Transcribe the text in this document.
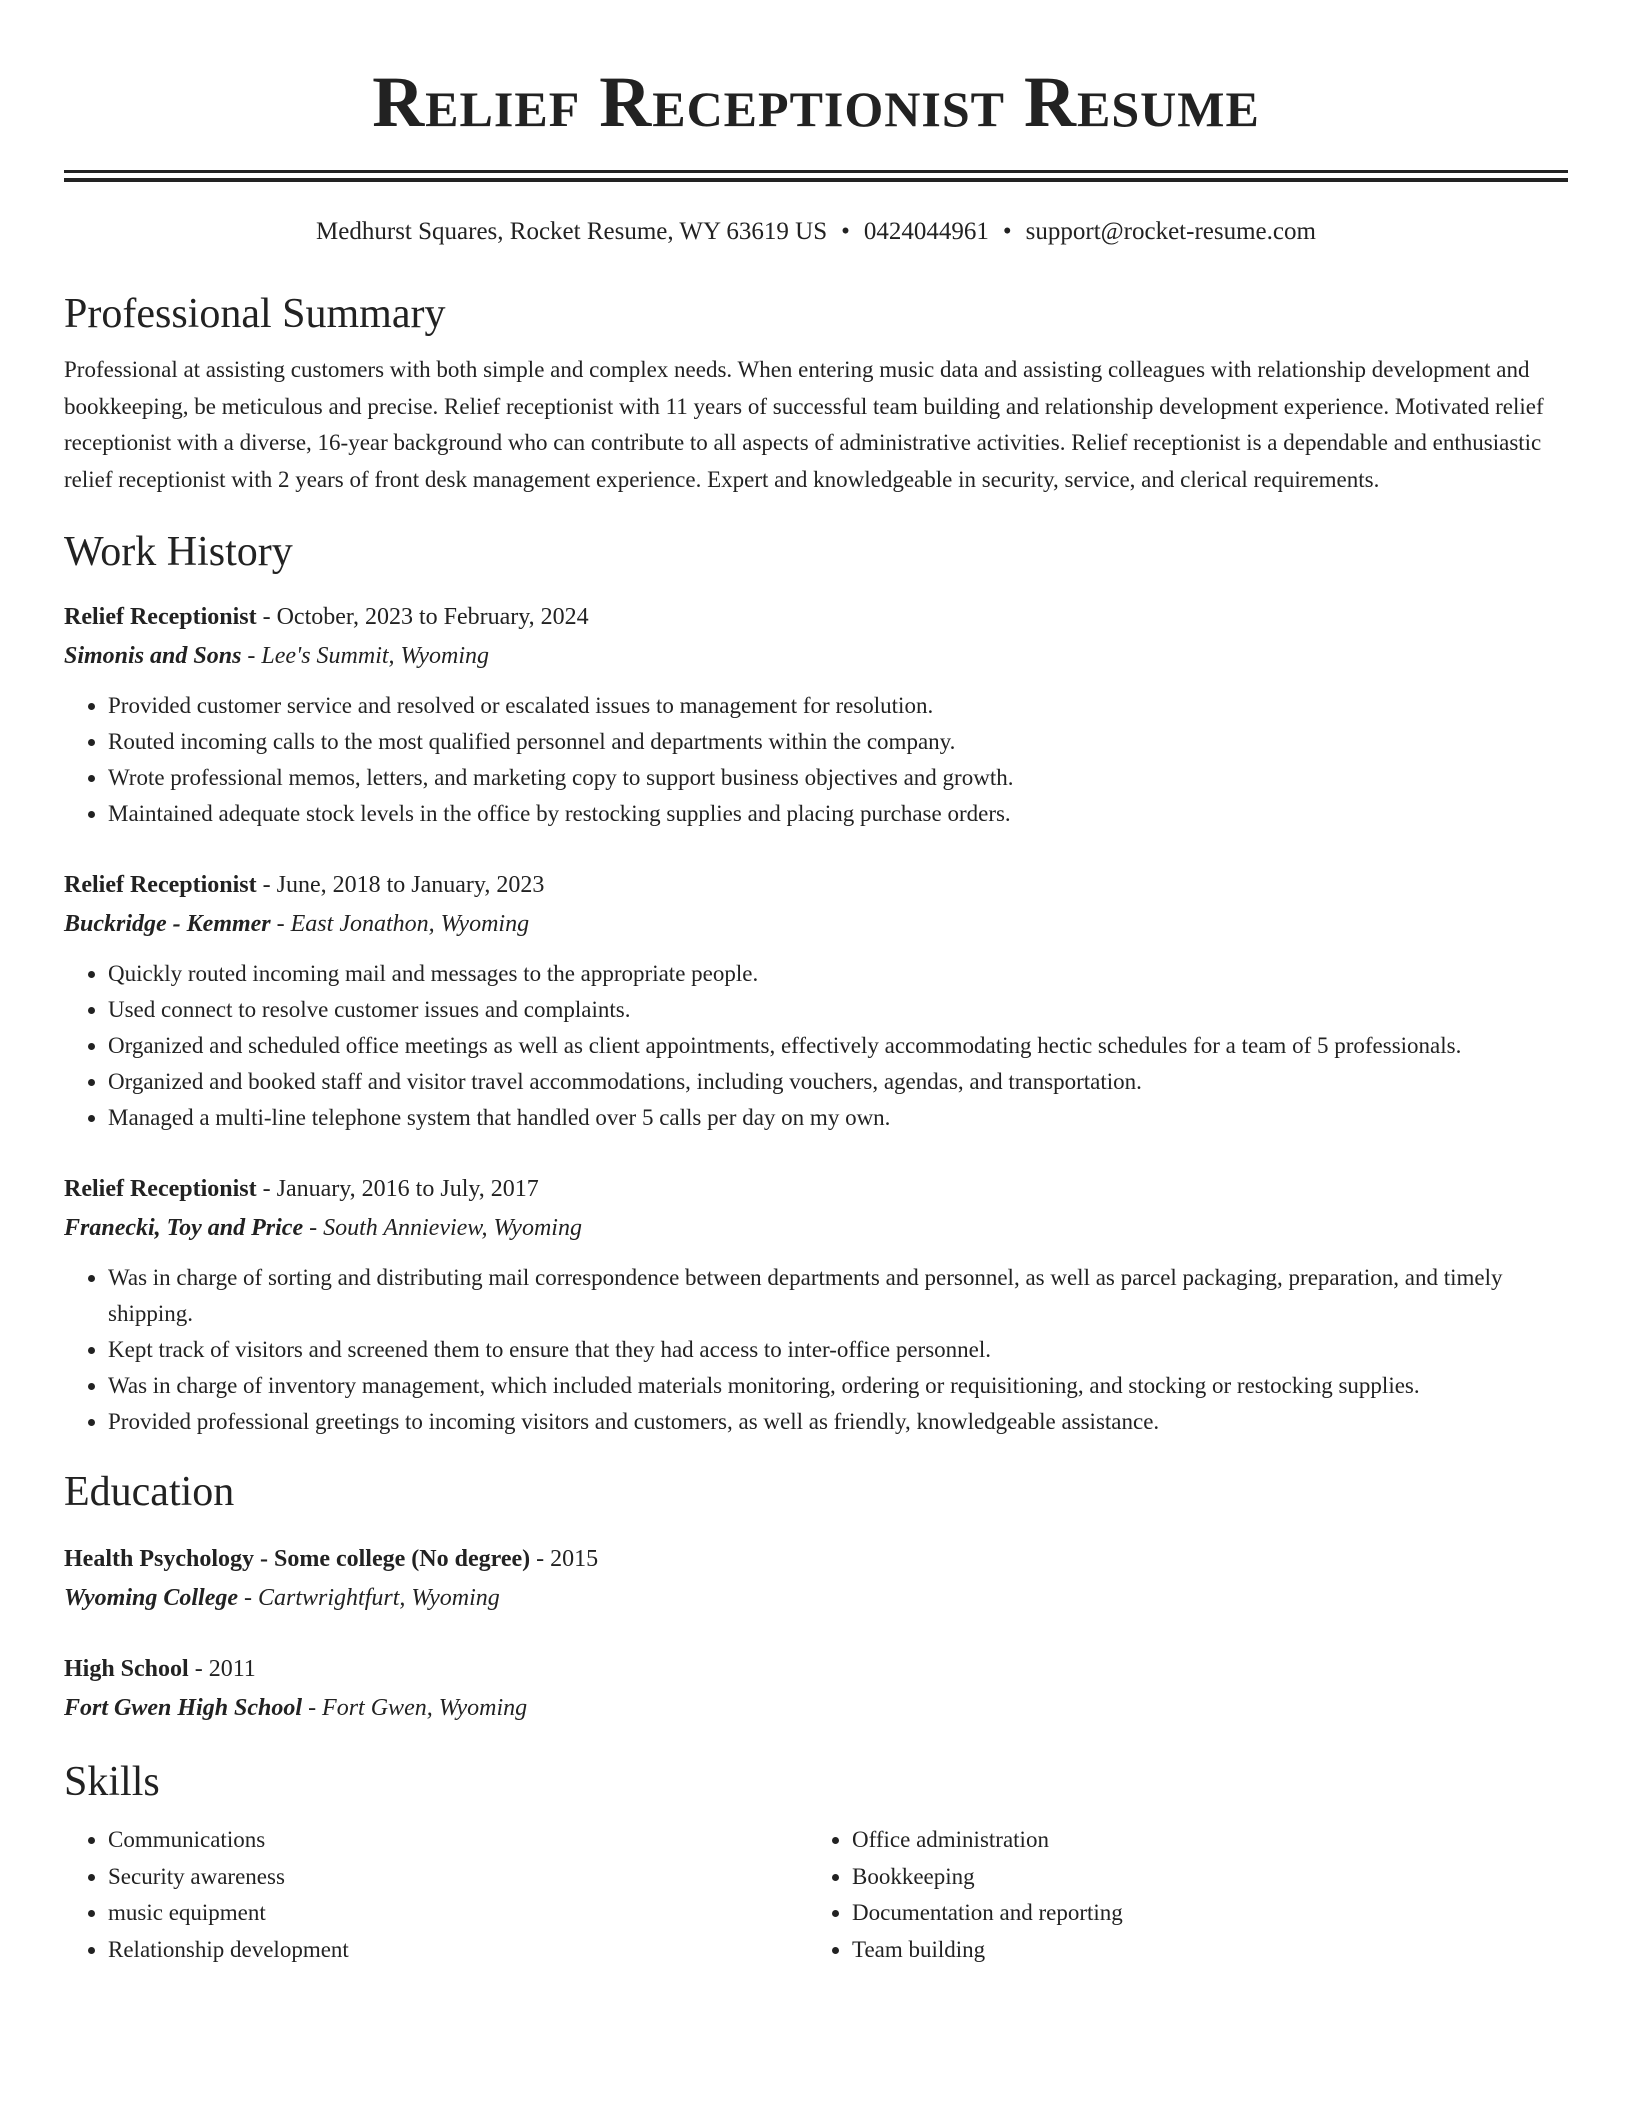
Relief Receptionist Resume
Medhurst Squares, Rocket Resume, WY 63619 US • 0424044961 • support@rocket-resume.com
Professional Summary

Professional at assisting customers with both simple and complex needs. When entering music data and assisting colleagues with relationship development and bookkeeping, be meticulous and precise. Relief receptionist with 11 years of successful team building and relationship development experience. Motivated relief receptionist with a diverse, 16-year background who can contribute to all aspects of administrative activities. Relief receptionist is a dependable and enthusiastic relief receptionist with 2 years of front desk management experience. Expert and knowledgeable in security, service, and clerical requirements.

Work History
Relief Receptionist - October, 2023 to February, 2024
Simonis and Sons - Lee's Summit, Wyoming
• Provided customer service and resolved or escalated issues to management for resolution.
• Routed incoming calls to the most qualified personnel and departments within the company.
• Wrote professional memos, letters, and marketing copy to support business objectives and growth.
• Maintained adequate stock levels in the office by restocking supplies and placing purchase orders.
Relief Receptionist - June, 2018 to January, 2023
Buckridge - Kemmer - East Jonathon, Wyoming
• Quickly routed incoming mail and messages to the appropriate people.
• Used connect to resolve customer issues and complaints.
• Organized and scheduled office meetings as well as client appointments, effectively accommodating hectic schedules for a team of 5 professionals.
• Organized and booked staff and visitor travel accommodations, including vouchers, agendas, and transportation.
• Managed a multi-line telephone system that handled over 5 calls per day on my own.
Relief Receptionist - January, 2016 to July, 2017
Franecki, Toy and Price - South Annieview, Wyoming
• Was in charge of sorting and distributing mail correspondence between departments and personnel, as well as parcel packaging, preparation, and timely shipping.
• Kept track of visitors and screened them to ensure that they had access to inter-office personnel.
• Was in charge of inventory management, which included materials monitoring, ordering or requisitioning, and stocking or restocking supplies.
• Provided professional greetings to incoming visitors and customers, as well as friendly, knowledgeable assistance.
Education
Health Psychology - Some college (No degree) - 2015
Wyoming College - Cartwrightfurt, Wyoming
High School - 2011
Fort Gwen High School - Fort Gwen, Wyoming
Skills
• Communications
• Security awareness
• music equipment
• Relationship development
• Office administration
• Bookkeeping
• Documentation and reporting
• Team building
